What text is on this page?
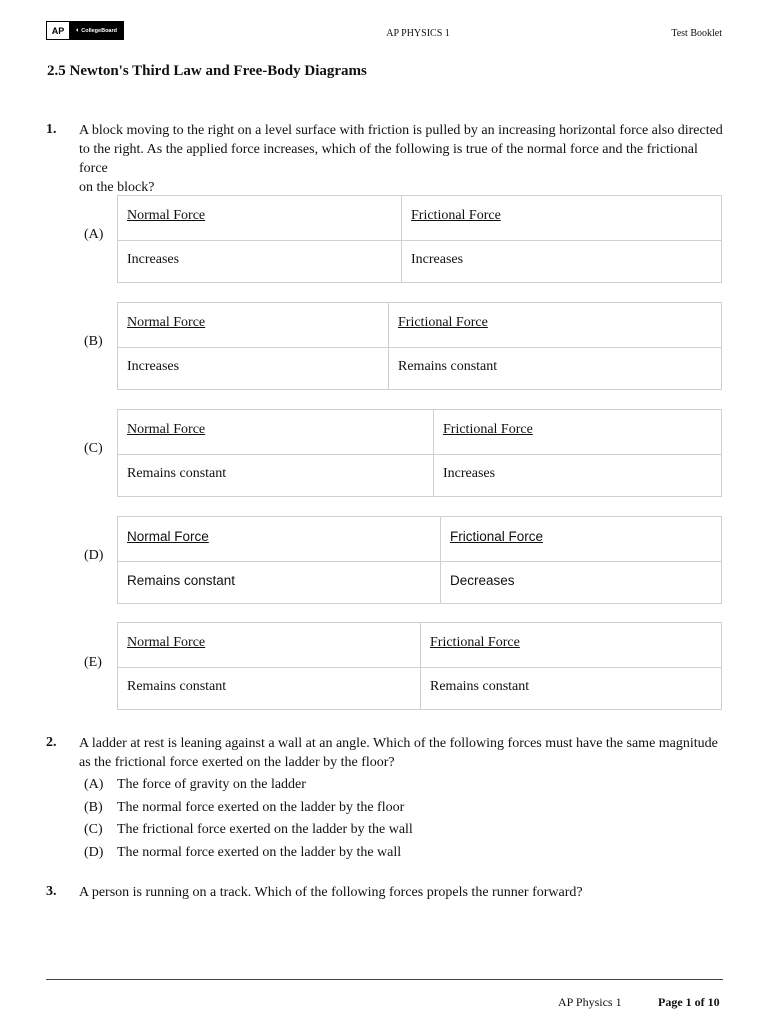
AP	◖ CollegeBoard	AP PHYSICS 1	Test Booklet
2.5 Newton's Third Law and Free-Body Diagrams
1. A block moving to the right on a level surface with friction is pulled by an increasing horizontal force also directed
to the right. As the applied force increases, which of the following is true of the normal force and the frictional force
on the block?
(A)
Normal Force	Frictional Force
Increases	Increases
(B)
Normal Force	Frictional Force
Increases	Remains constant
(C)
Normal Force	Frictional Force
Remains constant	Increases
(D)
Normal Force	Frictional Force
Remains constant	Decreases
(E)
Normal Force	Frictional Force
Remains constant	Remains constant
2. A ladder at rest is leaning against a wall at an angle. Which of the following forces must have the same magnitude
as the frictional force exerted on the ladder by the floor?
(A) The force of gravity on the ladder
(B) The normal force exerted on the ladder by the floor
(C) The frictional force exerted on the ladder by the wall
(D) The normal force exerted on the ladder by the wall
3. A person is running on a track. Which of the following forces propels the runner forward?
AP Physics 1	Page 1 of 10
